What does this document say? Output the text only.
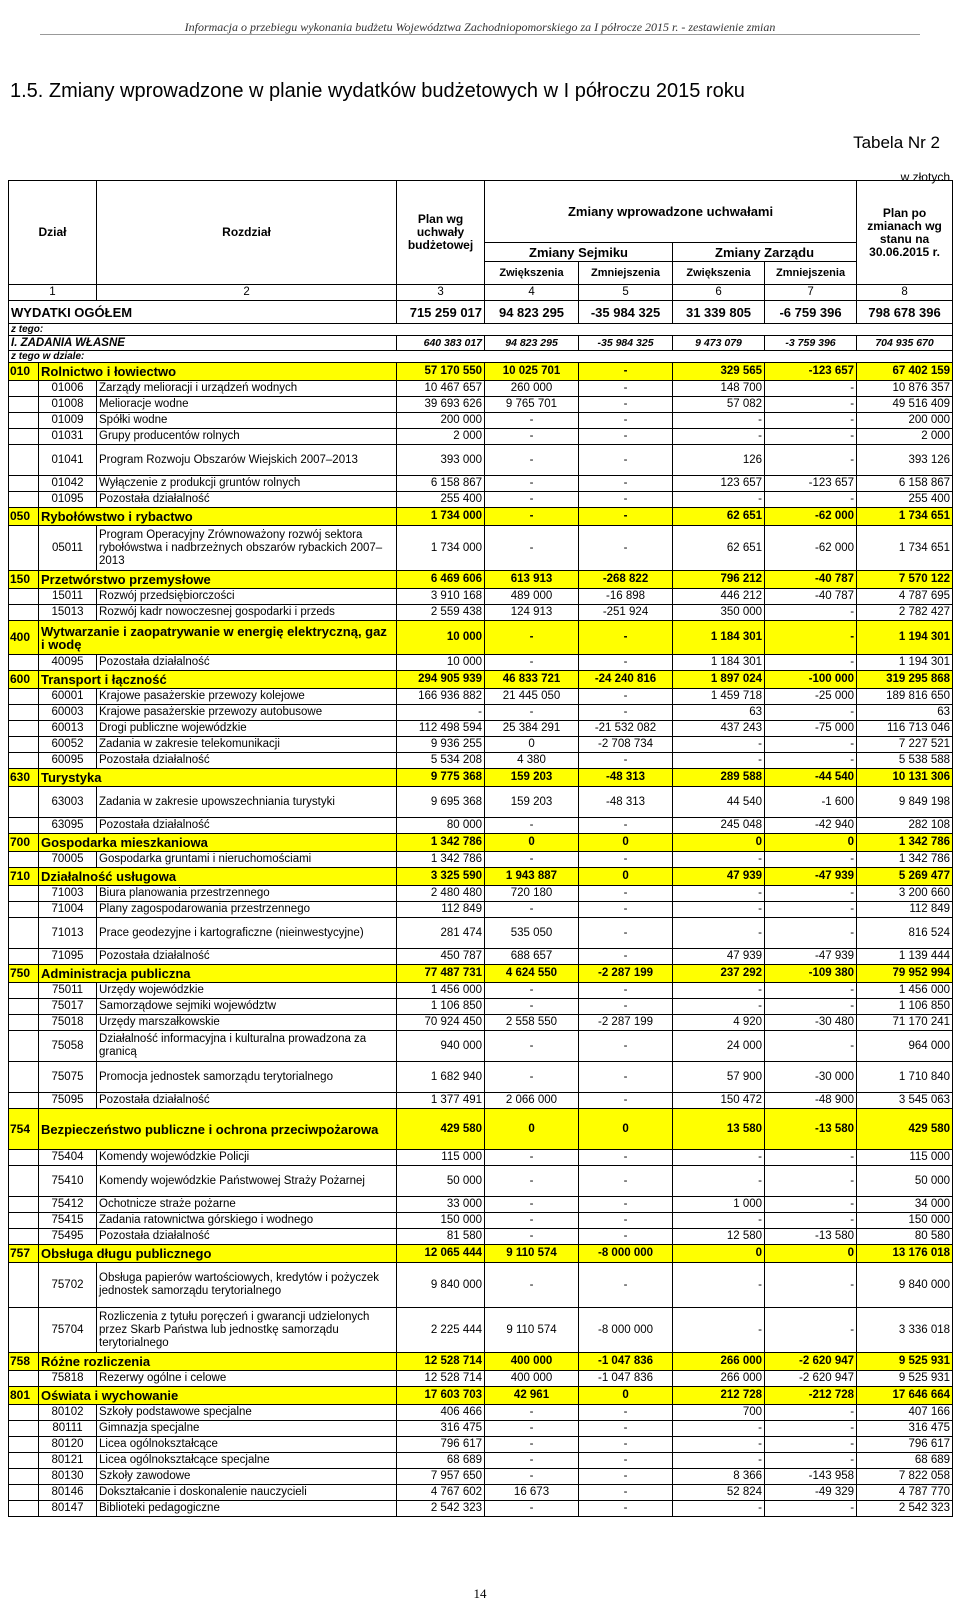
Informacja o przebiegu wykonania budżetu Województwa Zachodniopomorskiego za I półrocze 2015 r. - zestawienie zmian
1.5. Zmiany wprowadzone w planie wydatków budżetowych w I półroczu 2015 roku
Tabela Nr 2
w złotych
Dział		Rozdział	Plan wg uchwały budżetowej	Zmiany wprowadzone uchwałami				Plan po zmianach wg stanu na 30.06.2015 r.
				Zmiany Sejmiku		Zmiany Zarządu		
				Zwiększenia	Zmniejszenia	Zwiększenia	Zmniejszenia	
1		2	3	4	5	6	7	8
WYDATKI OGÓŁEM			715 259 017	94 823 295	-35 984 325	31 339 805	-6 759 396	798 678 396
z tego:								
I. ZADANIA WŁASNE			640 383 017	94 823 295	-35 984 325	9 473 079	-3 759 396	704 935 670
z tego w dziale:								
010	Rolnictwo i łowiectwo		57 170 550	10 025 701	-	329 565	-123 657	67 402 159
	01006	Zarządy melioracji i urządzeń wodnych	10 467 657	260 000	-	148 700	-	10 876 357
	01008	Melioracje wodne	39 693 626	9 765 701	-	57 082	-	49 516 409
	01009	Spółki wodne	200 000	-	-	-	-	200 000
	01031	Grupy producentów rolnych	2 000	-	-	-	-	2 000
	01041	Program Rozwoju Obszarów Wiejskich 2007–2013	393 000	-	-	126	-	393 126
	01042	Wyłączenie z produkcji gruntów rolnych	6 158 867	-	-	123 657	-123 657	6 158 867
	01095	Pozostała działalność	255 400	-	-	-	-	255 400
050	Rybołówstwo i rybactwo		1 734 000	-	-	62 651	-62 000	1 734 651
	05011	Program Operacyjny Zrównoważony rozwój sektora rybołówstwa i nadbrzeżnych obszarów rybackich 2007–2013	1 734 000	-	-	62 651	-62 000	1 734 651
150	Przetwórstwo przemysłowe		6 469 606	613 913	-268 822	796 212	-40 787	7 570 122
	15011	Rozwój przedsiębiorczości	3 910 168	489 000	-16 898	446 212	-40 787	4 787 695
	15013	Rozwój kadr nowoczesnej gospodarki i przeds	2 559 438	124 913	-251 924	350 000	-	2 782 427
400	Wytwarzanie i zaopatrywanie w energię elektryczną, gaz i wodę		10 000	-	-	1 184 301	-	1 194 301
	40095	Pozostała działalność	10 000	-	-	1 184 301	-	1 194 301
600	Transport i łączność		294 905 939	46 833 721	-24 240 816	1 897 024	-100 000	319 295 868
	60001	Krajowe pasażerskie przewozy kolejowe	166 936 882	21 445 050	-	1 459 718	-25 000	189 816 650
	60003	Krajowe pasażerskie przewozy autobusowe	-	-	-	63	-	63
	60013	Drogi publiczne wojewódzkie	112 498 594	25 384 291	-21 532 082	437 243	-75 000	116 713 046
	60052	Zadania w zakresie telekomunikacji	9 936 255	0	-2 708 734	-	-	7 227 521
	60095	Pozostała działalność	5 534 208	4 380	-	-	-	5 538 588
630	Turystyka		9 775 368	159 203	-48 313	289 588	-44 540	10 131 306
	63003	Zadania w zakresie upowszechniania turystyki	9 695 368	159 203	-48 313	44 540	-1 600	9 849 198
	63095	Pozostała działalność	80 000	-	-	245 048	-42 940	282 108
700	Gospodarka mieszkaniowa		1 342 786	0	0	0	0	1 342 786
	70005	Gospodarka gruntami i nieruchomościami	1 342 786	-	-	-	-	1 342 786
710	Działalność usługowa		3 325 590	1 943 887	0	47 939	-47 939	5 269 477
	71003	Biura planowania przestrzennego	2 480 480	720 180	-	-	-	3 200 660
	71004	Plany zagospodarowania przestrzennego	112 849	-	-	-	-	112 849
	71013	Prace geodezyjne i kartograficzne (nieinwestycyjne)	281 474	535 050	-	-	-	816 524
	71095	Pozostała działalność	450 787	688 657	-	47 939	-47 939	1 139 444
750	Administracja publiczna		77 487 731	4 624 550	-2 287 199	237 292	-109 380	79 952 994
	75011	Urzędy wojewódzkie	1 456 000	-	-	-	-	1 456 000
	75017	Samorządowe sejmiki województw	1 106 850	-	-	-	-	1 106 850
	75018	Urzędy marszałkowskie	70 924 450	2 558 550	-2 287 199	4 920	-30 480	71 170 241
	75058	Działalność informacyjna i kulturalna prowadzona za granicą	940 000	-	-	24 000	-	964 000
	75075	Promocja jednostek samorządu terytorialnego	1 682 940	-	-	57 900	-30 000	1 710 840
	75095	Pozostała działalność	1 377 491	2 066 000	-	150 472	-48 900	3 545 063
754	Bezpieczeństwo publiczne i ochrona przeciwpożarowa		429 580	0	0	13 580	-13 580	429 580
	75404	Komendy wojewódzkie Policji	115 000	-	-	-	-	115 000
	75410	Komendy wojewódzkie Państwowej Straży Pożarnej	50 000	-	-	-	-	50 000
	75412	Ochotnicze straże pożarne	33 000	-	-	1 000	-	34 000
	75415	Zadania ratownictwa górskiego i wodnego	150 000	-	-	-	-	150 000
	75495	Pozostała działalność	81 580	-	-	12 580	-13 580	80 580
757	Obsługa długu publicznego		12 065 444	9 110 574	-8 000 000	0	0	13 176 018
	75702	Obsługa papierów wartościowych, kredytów i pożyczek jednostek samorządu terytorialnego	9 840 000	-	-	-	-	9 840 000
	75704	Rozliczenia z tytułu poręczeń i gwarancji udzielonych przez Skarb Państwa lub jednostkę samorządu terytorialnego	2 225 444	9 110 574	-8 000 000	-	-	3 336 018
758	Różne rozliczenia		12 528 714	400 000	-1 047 836	266 000	-2 620 947	9 525 931
	75818	Rezerwy ogólne i celowe	12 528 714	400 000	-1 047 836	266 000	-2 620 947	9 525 931
801	Oświata i wychowanie		17 603 703	42 961	0	212 728	-212 728	17 646 664
	80102	Szkoły podstawowe specjalne	406 466	-	-	700	-	407 166
	80111	Gimnazja specjalne	316 475	-	-	-	-	316 475
	80120	Licea ogólnokształcące	796 617	-	-	-	-	796 617
	80121	Licea ogólnokształcące specjalne	68 689	-	-	-	-	68 689
	80130	Szkoły zawodowe	7 957 650	-	-	8 366	-143 958	7 822 058
	80146	Dokształcanie i doskonalenie nauczycieli	4 767 602	16 673	-	52 824	-49 329	4 787 770
	80147	Biblioteki pedagogiczne	2 542 323	-	-	-	-	2 542 323
14
